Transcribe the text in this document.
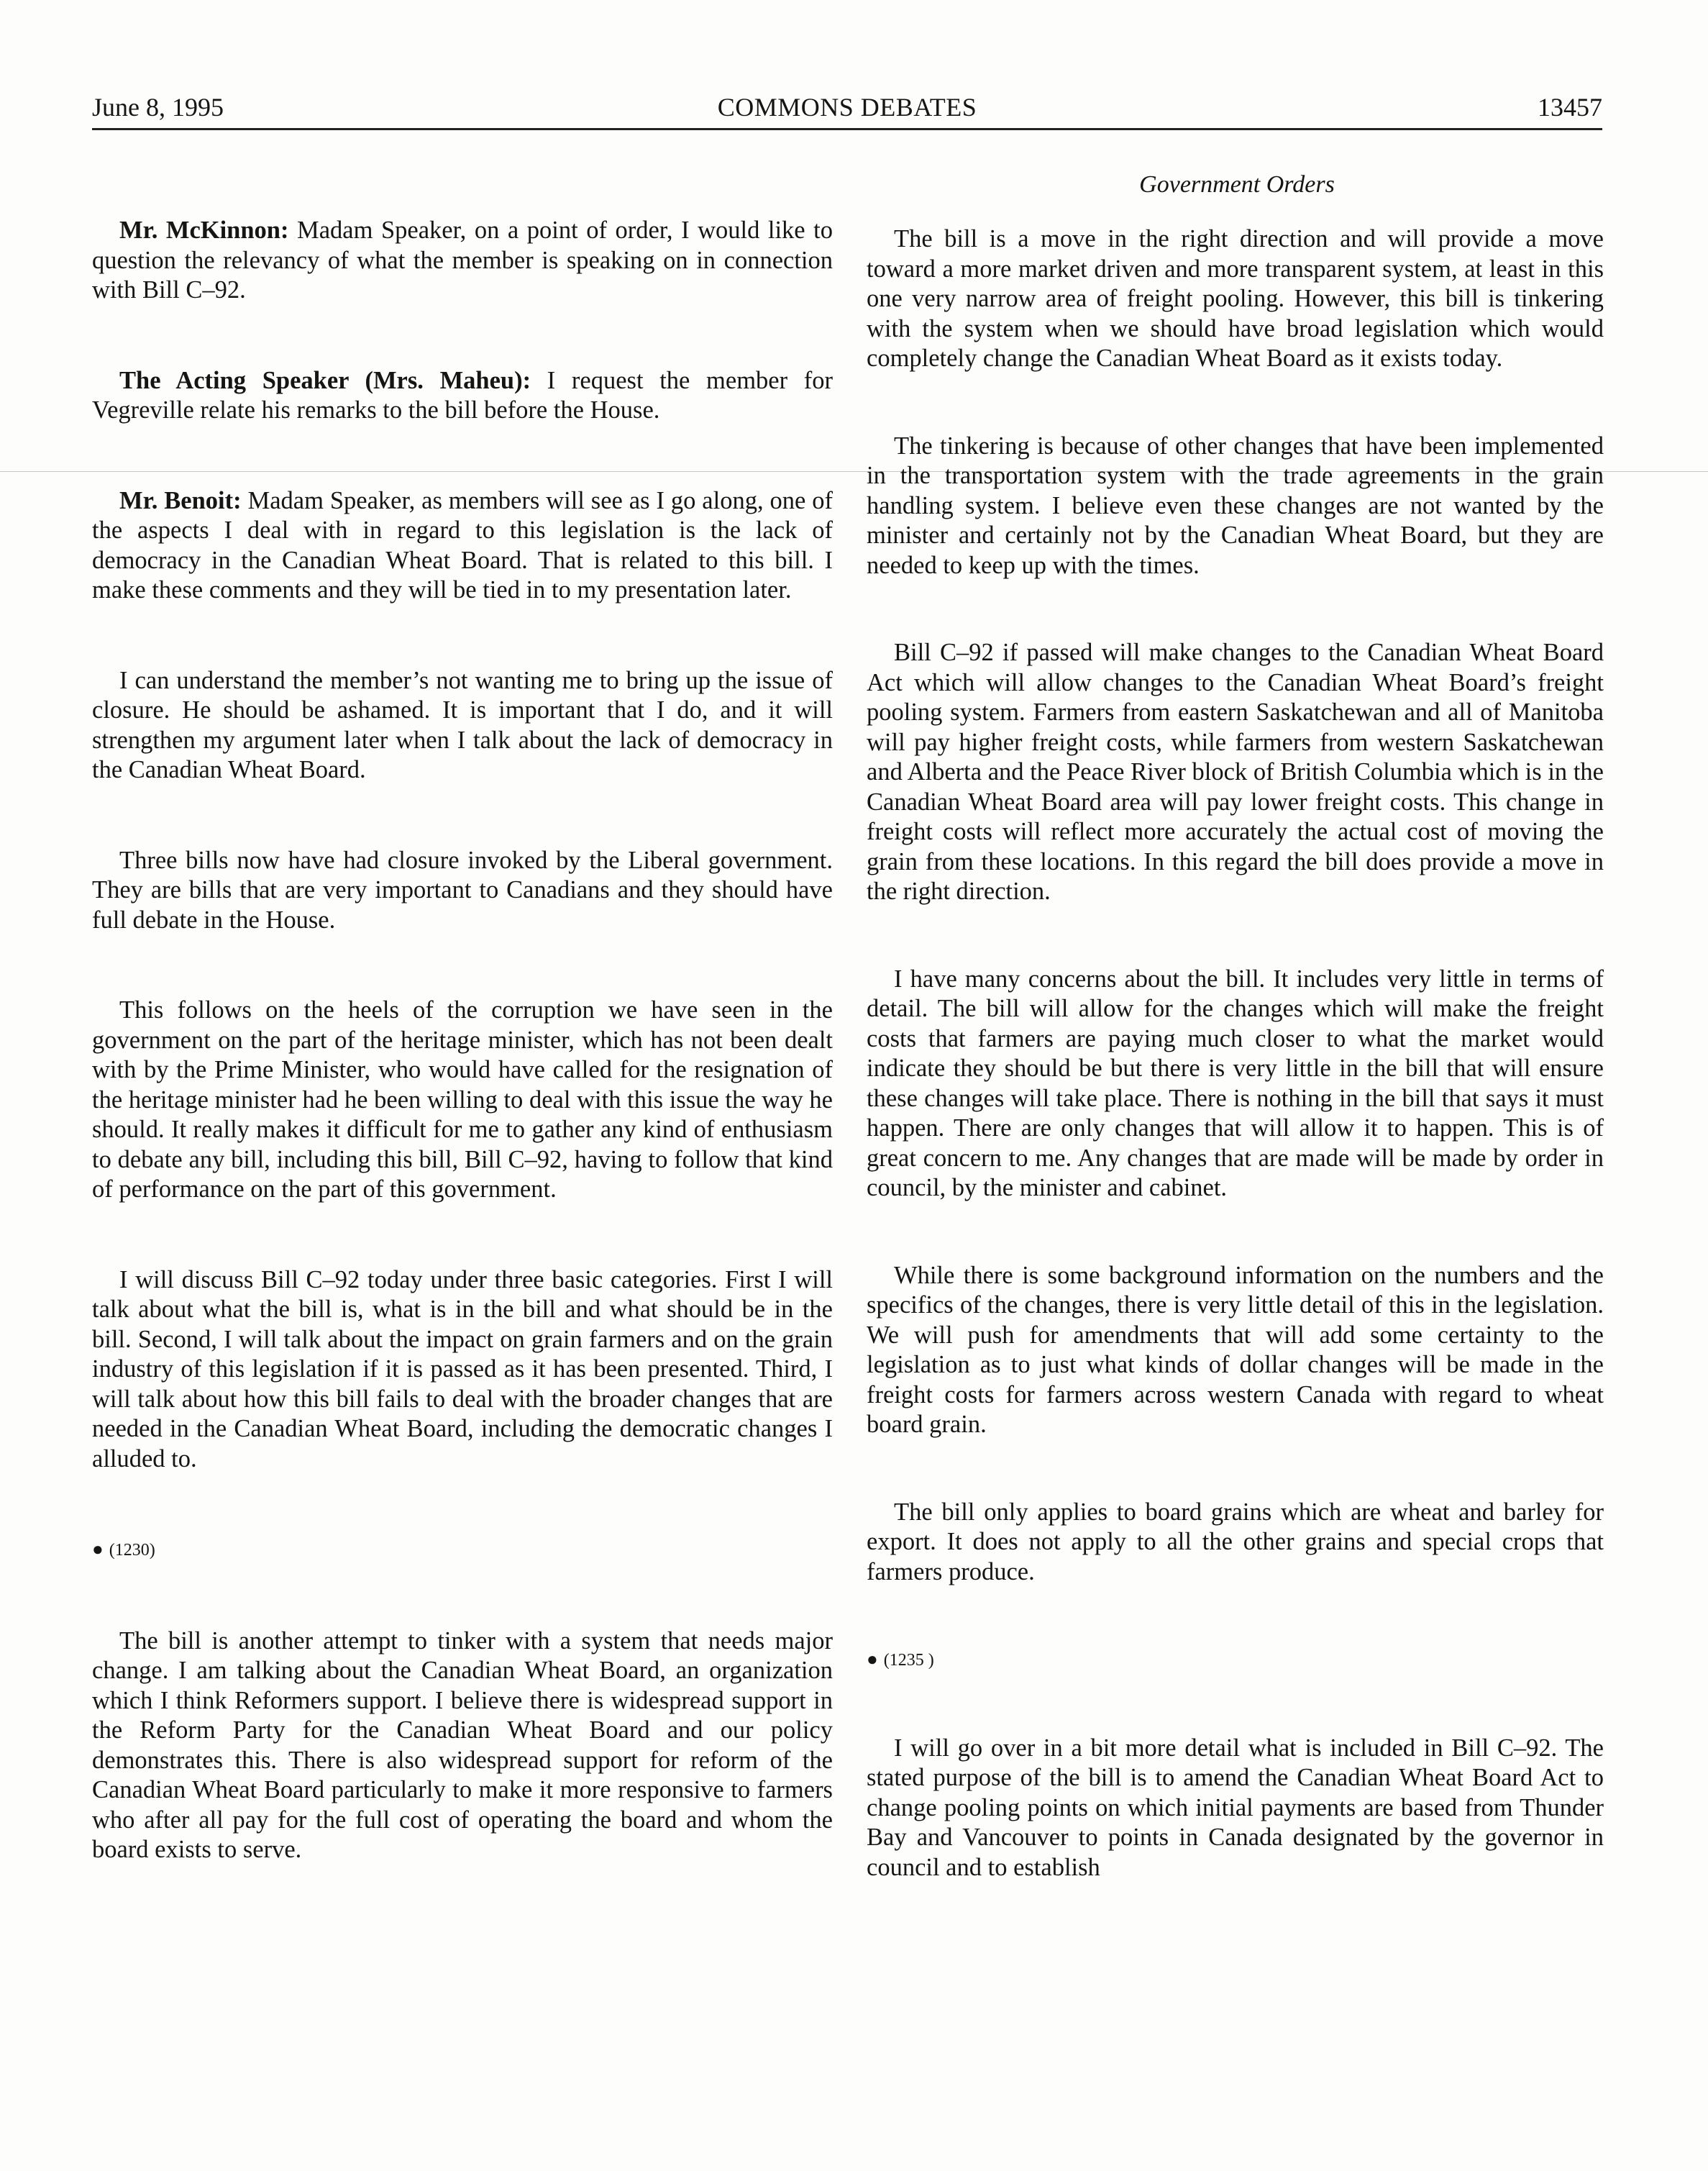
June 8, 1995	COMMONS DEBATES	13457
Government Orders

Mr. McKinnon: Madam Speaker, on a point of order, I would like to question the relevancy of what the member is speaking on in connection with Bill C–92.

The Acting Speaker (Mrs. Maheu): I request the member for Vegreville relate his remarks to the bill before the House.

Mr. Benoit: Madam Speaker, as members will see as I go along, one of the aspects I deal with in regard to this legislation is the lack of democracy in the Canadian Wheat Board. That is related to this bill. I make these comments and they will be tied in to my presentation later.

I can understand the member’s not wanting me to bring up the issue of closure. He should be ashamed. It is important that I do, and it will strengthen my argument later when I talk about the lack of democracy in the Canadian Wheat Board.

Three bills now have had closure invoked by the Liberal government. They are bills that are very important to Canadians and they should have full debate in the House.

This follows on the heels of the corruption we have seen in the government on the part of the heritage minister, which has not been dealt with by the Prime Minister, who would have called for the resignation of the heritage minister had he been willing to deal with this issue the way he should. It really makes it difficult for me to gather any kind of enthusiasm to debate any bill, including this bill, Bill C–92, having to follow that kind of performance on the part of this government.

I will discuss Bill C–92 today under three basic categories. First I will talk about what the bill is, what is in the bill and what should be in the bill. Second, I will talk about the impact on grain farmers and on the grain industry of this legislation if it is passed as it has been presented. Third, I will talk about how this bill fails to deal with the broader changes that are needed in the Canadian Wheat Board, including the democratic changes I alluded to.

● (1230)

The bill is another attempt to tinker with a system that needs major change. I am talking about the Canadian Wheat Board, an organization which I think Reformers support. I believe there is widespread support in the Reform Party for the Canadian Wheat Board and our policy demonstrates this. There is also widespread support for reform of the Canadian Wheat Board particularly to make it more responsive to farmers who after all pay for the full cost of operating the board and whom the board exists to serve.

The bill is a move in the right direction and will provide a move toward a more market driven and more transparent system, at least in this one very narrow area of freight pooling. However, this bill is tinkering with the system when we should have broad legislation which would completely change the Canadian Wheat Board as it exists today.

The tinkering is because of other changes that have been implemented in the transportation system with the trade agreements in the grain handling system. I believe even these changes are not wanted by the minister and certainly not by the Canadian Wheat Board, but they are needed to keep up with the times.

Bill C–92 if passed will make changes to the Canadian Wheat Board Act which will allow changes to the Canadian Wheat Board’s freight pooling system. Farmers from eastern Saskatchewan and all of Manitoba will pay higher freight costs, while farmers from western Saskatchewan and Alberta and the Peace River block of British Columbia which is in the Canadian Wheat Board area will pay lower freight costs. This change in freight costs will reflect more accurately the actual cost of moving the grain from these locations. In this regard the bill does provide a move in the right direction.

I have many concerns about the bill. It includes very little in terms of detail. The bill will allow for the changes which will make the freight costs that farmers are paying much closer to what the market would indicate they should be but there is very little in the bill that will ensure these changes will take place. There is nothing in the bill that says it must happen. There are only changes that will allow it to happen. This is of great concern to me. Any changes that are made will be made by order in council, by the minister and cabinet.

While there is some background information on the numbers and the specifics of the changes, there is very little detail of this in the legislation. We will push for amendments that will add some certainty to the legislation as to just what kinds of dollar changes will be made in the freight costs for farmers across western Canada with regard to wheat board grain.

The bill only applies to board grains which are wheat and barley for export. It does not apply to all the other grains and special crops that farmers produce.

● (1235 )

I will go over in a bit more detail what is included in Bill C–92. The stated purpose of the bill is to amend the Canadian Wheat Board Act to change pooling points on which initial payments are based from Thunder Bay and Vancouver to points in Canada designated by the governor in council and to establish
